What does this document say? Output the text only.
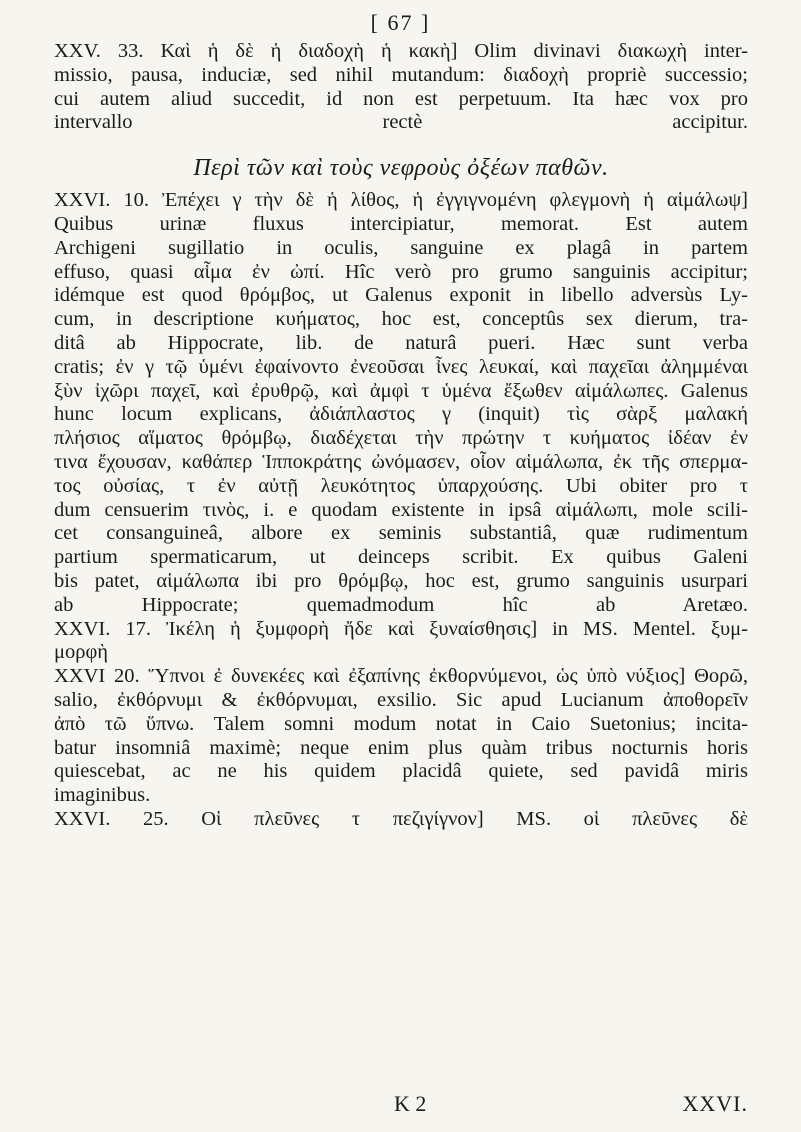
[ 67 ]
XXV. 33. Καὶ ἡ δὲ ἡ διαδοχὴ ἡ κακὴ] Olim divinavi διακωχὴ inter-
missio, pausa, induciæ, sed nihil mutandum: διαδοχὴ propriè successio;
cui autem aliud succedit, id non est perpetuum. Ita hæc vox pro
intervallo rectè accipitur.
Περὶ τῶν καὶ τοὺς νεφροὺς ὀξέων παθῶν.
XXVI. 10. Ἐπέχει γ τὴν δὲ ἡ λίθος, ἡ ἐγγιγνομένη φλεγμονὴ ἡ αἱμάλωψ]
Quibus urinæ fluxus intercipiatur, memorat. Est autem
Archigeni sugillatio in oculis, sanguine ex plagâ in partem
effuso, quasi αἷμα ἐν ὠπί. Hîc verò pro grumo sanguinis accipitur;
idémque est quod θρόμβος, ut Galenus exponit in libello adversùs Ly-
cum, in descriptione κυήματος, hoc est, conceptûs sex dierum, tra-
ditâ ab Hippocrate, lib. de naturâ pueri. Hæc sunt verba
cratis; ἐν γ τῷ ὑμένι ἐφαίνοντο ἐνεοῦσαι ἶνες λευκαί, καὶ παχεῖαι ἀλημμέναι
ξὺν ἰχῶρι παχεῖ, καὶ ἐρυθρῷ, καὶ ἀμφὶ τ ὑμένα ἔξωθεν αἱμάλωπες. Galenus
hunc locum explicans, ἀδιάπλαστος γ (inquit) τὶς σὰρξ μαλακή
πλήσιος αἵματος θρόμβῳ, διαδέχεται τὴν πρώτην τ κυήματος ἰδέαν ἐν
τινα ἔχουσαν, καθάπερ Ἱπποκράτης ὠνόμασεν, οἷον αἱμάλωπα, ἐκ τῆς σπερμα-
τος οὐσίας, τ ἐν αὐτῇ λευκότητος ὑπαρχούσης. Ubi obiter pro τ
dum censuerim τινὸς, i. e quodam existente in ipsâ αἱμάλωπι, mole scili-
cet consanguineâ, albore ex seminis substantiâ, quæ rudimentum
partium spermaticarum, ut deinceps scribit. Ex quibus Galeni
bis patet, αἱμάλωπα ibi pro θρόμβῳ, hoc est, grumo sanguinis usurpari
ab Hippocrate; quemadmodum hîc ab Aretæo.
XXVI. 17. Ἰκέλη ἡ ξυμφορὴ ἤδε καὶ ξυναίσθησις] in MS. Mentel. ξυμ-
μορφὴ
XXVI 20. Ὕπνοι ἐ δυνεκέες καὶ ἐξαπίνης ἐκθορνύμενοι, ὡς ὑπὸ νύξιος] Θορῶ,
salio, ἐκθόρνυμι & ἐκθόρνυμαι, exsilio. Sic apud Lucianum ἀποθορεῖν
ἀπὸ τῶ ὕπνω. Talem somni modum notat in Caio Suetonius; incita-
batur insomniâ maximè; neque enim plus quàm tribus nocturnis horis
quiescebat, ac ne his quidem placidâ quiete, sed pavidâ miris
imaginibus.
XXVI. 25. Οἱ πλεῦνες τ πεζιγίγνον] MS. οἱ πλεῦνες δὲ
K 2	XXVI.
